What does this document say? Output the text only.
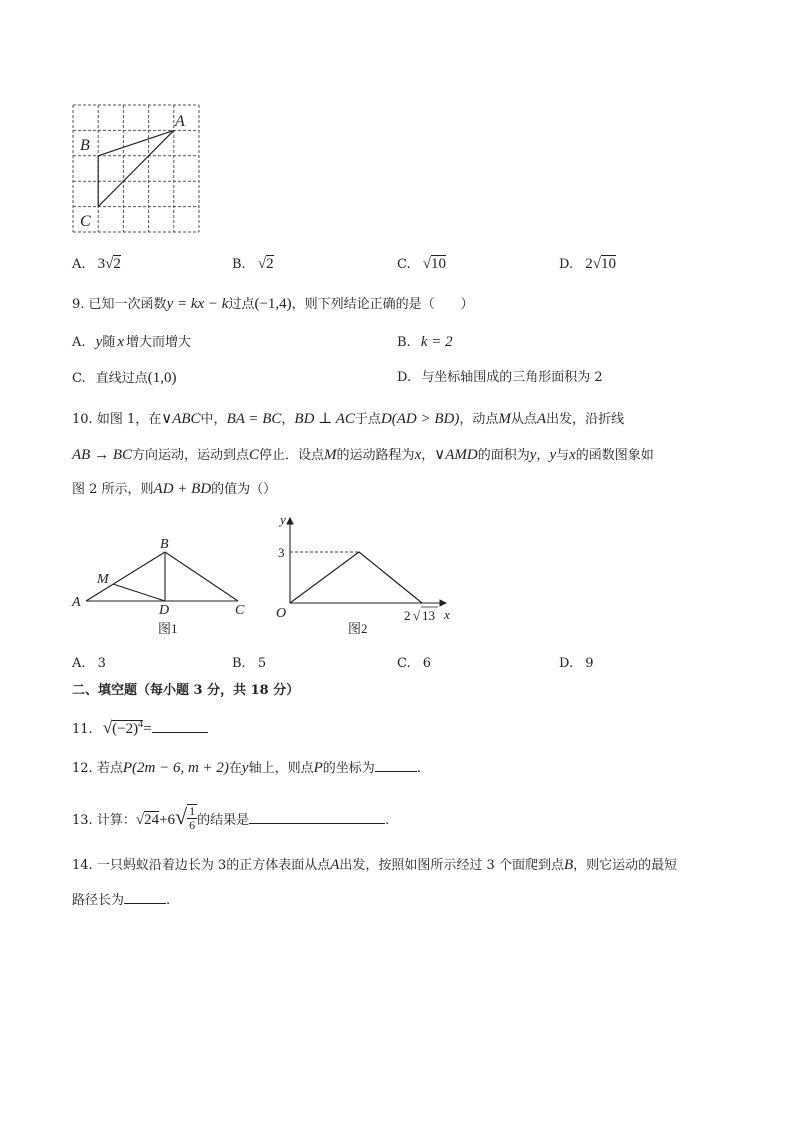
A
B
C
A. 3√2	B. √2	C. √10	D. 2√10
9. 已知一次函数y = kx − k过点(−1,4)，则下列结论正确的是（　　）
A. y随 x 增大而增大	B. k = 2
C. 直线过点(1,0)	D. 与坐标轴围成的三角形面积为 2
10. 如图 1，在∨ABC中，BA = BC，BD ⊥ AC于点D(AD > BD)，动点M从点A出发，沿折线
AB → BC方向运动，运动到点C停止．设点M的运动路程为x，∨AMD的面积为y，y与x的函数图象如
图 2 所示，则AD + BD的值为（）
A
B
C
D
M
图1
y
x
O
3
2 √ 13
图2
A. 3	B. 5	C. 6	D. 9
二、填空题（每小题 3 分，共 18 分）
11. $√(-2)^4=$
12. 若点P(2m − 6, m + 2)在y轴上，则点P的坐标为	.
13. 计算：$√24+6√ \frac{1}{6}$ 的结果是	.
14. 一只蚂蚁沿着边长为 3的正方体表面从点A出发，按照如图所示经过 3 个面爬到点B，则它运动的最短
路径长为	.
